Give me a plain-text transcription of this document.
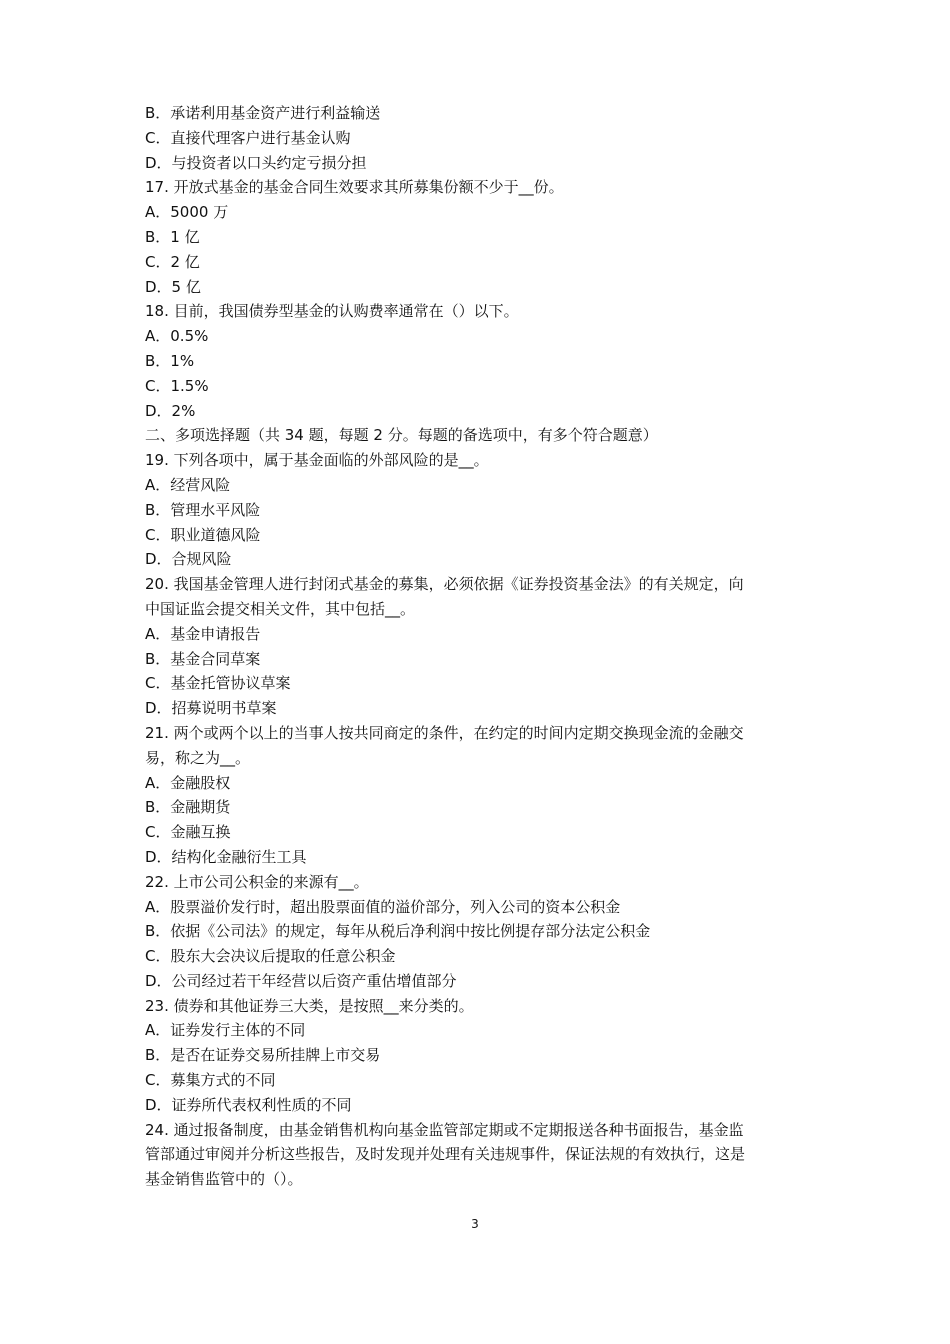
B．承诺利用基金资产进行利益输送
C．直接代理客户进行基金认购
D．与投资者以口头约定亏损分担
17. 开放式基金的基金合同生效要求其所募集份额不少于__份。
A．5000 万
B．1 亿
C．2 亿
D．5 亿
18. 目前，我国债券型基金的认购费率通常在（）以下。
A．0.5%
B．1%
C．1.5%
D．2%
二、多项选择题（共 34 题，每题 2 分。每题的备选项中，有多个符合题意）
19. 下列各项中，属于基金面临的外部风险的是__。
A．经营风险
B．管理水平风险
C．职业道德风险
D．合规风险
20. 我国基金管理人进行封闭式基金的募集，必须依据《证券投资基金法》的有关规定，向
中国证监会提交相关文件，其中包括__。
A．基金申请报告
B．基金合同草案
C．基金托管协议草案
D．招募说明书草案
21. 两个或两个以上的当事人按共同商定的条件，在约定的时间内定期交换现金流的金融交
易，称之为__。
A．金融股权
B．金融期货
C．金融互换
D．结构化金融衍生工具
22. 上市公司公积金的来源有__。
A．股票溢价发行时，超出股票面值的溢价部分，列入公司的资本公积金
B．依据《公司法》的规定，每年从税后净利润中按比例提存部分法定公积金
C．股东大会决议后提取的任意公积金
D．公司经过若干年经营以后资产重估增值部分
23. 债券和其他证券三大类，是按照__来分类的。
A．证券发行主体的不同
B．是否在证券交易所挂牌上市交易
C．募集方式的不同
D．证券所代表权利性质的不同
24. 通过报备制度，由基金销售机构向基金监管部定期或不定期报送各种书面报告，基金监
管部通过审阅并分析这些报告，及时发现并处理有关违规事件，保证法规的有效执行，这是
基金销售监管中的（）。
3
